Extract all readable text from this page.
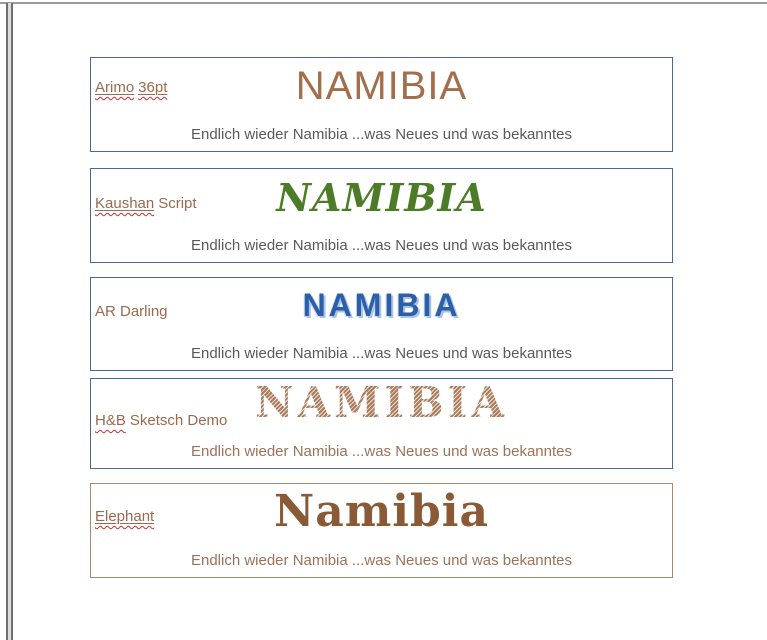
Arimo 36pt	NAMIBIA
Endlich wieder Namibia ...was Neues und was bekanntes
Kaushan Script	NAMIBIA
Endlich wieder Namibia ...was Neues und was bekanntes
AR Darling	NAMIBIA
Endlich wieder Namibia ...was Neues und was bekanntes
H&B Sketsch Demo NAMIBIA
Endlich wieder Namibia ...was Neues und was bekanntes
Elephant	Namibia
Endlich wieder Namibia ...was Neues und was bekanntes
